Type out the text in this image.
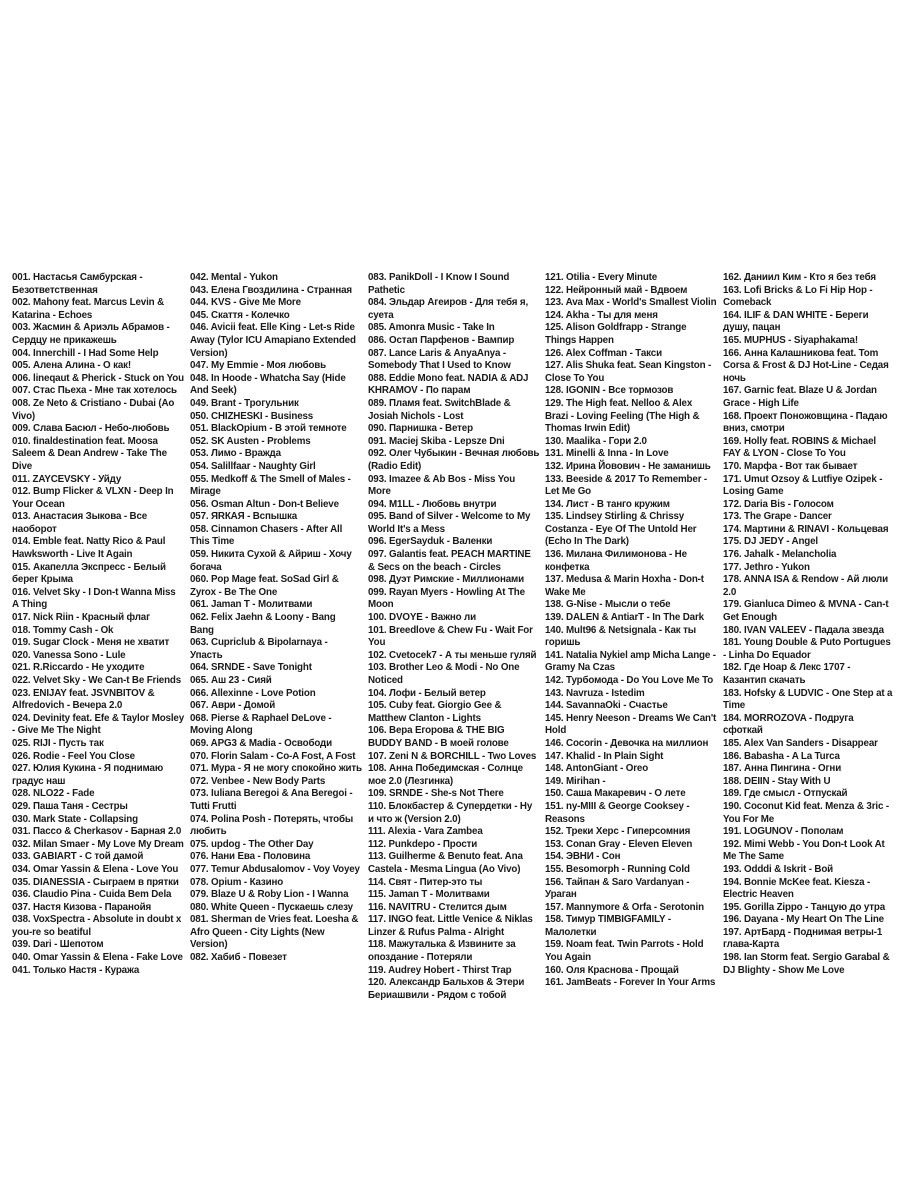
001. Настасья Самбурская - Безответственная
002. Mahony feat. Marcus Levin & Katarina - Echoes
003. Жасмин & Ариэль Абрамов - Сердцу не прикажешь
004. Innerchill - I Had Some Help
005. Алена Алина - О как!
006. lineqaut & Pherick - Stuck on You
007. Стас Пьеха - Мне так хотелось
008. Ze Neto & Cristiano - Dubai (Ao Vivo)
009. Слава Басюл - Небо-любовь
010. finaldestination feat. Moosa Saleem & Dean Andrew - Take The Dive
011. ZAYCEVSKY - Уйду
012. Bump Flicker & VLXN - Deep In Your Ocean
013. Анастасия Зыкова - Все наоборот
014. Emble feat. Natty Rico & Paul Hawksworth - Live It Again
015. Акапелла Экспресс - Белый берег Крыма
016. Velvet Sky - I Don-t Wanna Miss A Thing
017. Nick Riin - Красный флаг
018. Tommy Cash - Ok
019. Sugar Clock - Меня не хватит
020. Vanessa Sono - Lule
021. R.Riccardo - Не уходите
022. Velvet Sky - We Can-t Be Friends
023. ENIJAY feat. JSVNBITOV & Alfredovich - Вечера 2.0
024. Devinity feat. Efe & Taylor Mosley - Give Me The Night
025. RIJI - Пусть так
026. Rodie - Feel You Close
027. Юлия Кукина - Я поднимаю градус наш
028. NLO22 - Fade
029. Паша Таня - Сестры
030. Mark State - Collapsing
031. Пассо & Cherkasov - Барная 2.0
032. Milan Smaer - My Love My Dream
033. GABIART - С той дамой
034. Omar Yassin & Elena - Love You
035. DIANESSIA - Сыграем в прятки
036. Claudio Pina - Cuida Bem Dela
037. Настя Кизова - Паранойя
038. VoxSpectra - Absolute in doubt x you-re so beatiful
039. Dari - Шепотом
040. Omar Yassin & Elena - Fake Love
041. Только Настя - Куража
042. Mental - Yukon
043. Елена Гвоздилина - Странная
044. KVS - Give Me More
045. Скаття - Колечко
046. Avicii feat. Elle King - Let-s Ride Away (Tylor ICU Amapiano Extended Version)
047. My Emmie - Моя любовь
048. In Hoode - Whatcha Say (Hide And Seek)
049. Brant - Трогульник
050. CHIZHESKI - Business
051. BlackOpium - В этой темноте
052. SK Austen - Problems
053. Лимо - Вражда
054. Salillfaar - Naughty Girl
055. Medkoff & The Smell of Males - Mirage
056. Osman Altun - Don-t Believe
057. ЯRКАЯ - Вспышка
058. Cinnamon Chasers - After All This Time
059. Никита Сухой & Айриш - Хочу богача
060. Pop Mage feat. SoSad Girl & Zyrox - Be The One
061. Jaman T - Молитвами
062. Felix Jaehn & Loony - Bang Bang
063. Cupriclub & Bipolarnaya - Упасть
064. SRNDE - Save Tonight
065. Аш 23 - Сияй
066. Allexinne - Love Potion
067. Аври - Домой
068. Pierse & Raphael DeLove - Moving Along
069. APG3 & Madia - Освободи
070. Florin Salam - Co-A Fost, A Fost
071. Мура - Я не могу спокойно жить
072. Venbee - New Body Parts
073. Iuliana Beregoi & Ana Beregoi - Tutti Frutti
074. Polina Posh - Потерять, чтобы любить
075. updog - The Other Day
076. Нани Ева - Половина
077. Temur Abdusalomov - Voy Voyey
078. Opium - Казино
079. Blaze U & Roby Lion - I Wanna
080. White Queen - Пускаешь слезу
081. Sherman de Vries feat. Loesha & Afro Queen - City Lights (New Version)
082. Хабиб - Повезет
083. PanikDoll - I Know I Sound Pathetic
084. Эльдар Агеиров - Для тебя я, суета
085. Amonra Music - Take In
086. Остап Парфенов - Вампир
087. Lance Laris & AnyaAnya - Somebody That I Used to Know
088. Eddie Mono feat. NADIA & ADJ KHRAMOV - По парам
089. Пламя feat. SwitchBlade & Josiah Nichols - Lost
090. Парнишка - Ветер
091. Maciej Skiba - Lepsze Dni
092. Олег Чубыкин - Вечная любовь (Radio Edit)
093. Imazee & Ab Bos - Miss You More
094. M1LL - Любовь внутри
095. Band of Silver - Welcome to My World It's a Mess
096. EgerSayduk - Валенки
097. Galantis feat. PEACH MARTINE & Secs on the beach - Circles
098. Дуэт Римские - Миллионами
099. Rayan Myers - Howling At The Moon
100. DVOYE - Важно ли
101. Breedlove & Chew Fu - Wait For You
102. Cvetocek7 - А ты меньше гуляй
103. Brother Leo & Modi - No One Noticed
104. Лофи - Белый ветер
105. Cuby feat. Giorgio Gee & Matthew Clanton - Lights
106. Вера Егорова & THE BIG BUDDY BAND - В моей голове
107. Zeni N & BORCHILL - Two Loves
108. Анна Победимская - Солнце мое 2.0 (Лезгинка)
109. SRNDE - She-s Not There
110. Блокбастер & Супердетки - Ну и что ж (Version 2.0)
111. Alexia - Vara Zambea
112. Punkdepo - Прости
113. Guilherme & Benuto feat. Ana Castela - Mesma Lingua (Ao Vivo)
114. Свят - Питер-это ты
115. Jaman T - Молитвами
116. NAVITRU - Стелится дым
117. INGO feat. Little Venice & Niklas Linzer & Rufus Palma - Alright
118. Мажуталька & Извините за опоздание - Потеряли
119. Audrey Hobert - Thirst Trap
120. Александр Бальхов & Этери Бериашвили - Рядом с тобой
121. Otilia - Every Minute
122. Нейронный май - Вдвоем
123. Ava Max - World's Smallest Violin
124. Akha - Ты для меня
125. Alison Goldfrapp - Strange Things Happen
126. Alex Coffman - Такси
127. Alis Shuka feat. Sean Kingston - Close To You
128. IGONIN - Все тормозов
129. The High feat. Nelloo & Alex Brazi - Loving Feeling (The High & Thomas Irwin Edit)
130. Maalika - Гори 2.0
131. Minelli & Inna - In Love
132. Ирина Йовович - Не заманишь
133. Beeside & 2017 To Remember - Let Me Go
134. Лист - В танго кружим
135. Lindsey Stirling & Chrissy Costanza - Eye Of The Untold Her (Echo In The Dark)
136. Милана Филимонова - Не конфетка
137. Medusa & Marin Hoxha - Don-t Wake Me
138. G-Nise - Мысли о тебе
139. DALEN & AntiarT - In The Dark
140. Mult96 & Netsignala - Как ты горишь
141. Natalia Nykiel amp Micha Lange - Gramy Na Czas
142. Турбомода - Do You Love Me To
143. Navruza - Istedim
144. SavannaOki - Счастье
145. Henry Neeson - Dreams We Can't Hold
146. Cocorin - Девочка на миллион
147. Khalid - In Plain Sight
148. AntonGiant - Oreo
149. Mirihan -
150. Саша Макаревич - О лете
151. ny-MIII & George Cooksey - Reasons
152. Треки Херс - Гиперсомния
153. Conan Gray - Eleven Eleven
154. ЭВНИ - Сон
155. Besomorph - Running Cold
156. Тайпан & Saro Vardanyan - Ураган
157. Mannymore & Orfa - Serotonin
158. Тимур TIMBIGFAMILY - Малолетки
159. Noam feat. Twin Parrots - Hold You Again
160. Оля Краснова - Прощай
161. JamBeats - Forever In Your Arms
162. Даниил Ким - Кто я без тебя
163. Lofi Bricks & Lo Fi Hip Hop - Comeback
164. ILIF & DAN WHITE - Береги душу, пацан
165. MUPHUS - Siyaphakama!
166. Анна Калашникова feat. Tom Corsa & Frost & DJ Hot-Line - Седая ночь
167. Garnic feat. Blaze U & Jordan Grace - High Life
168. Проект Поножовщина - Падаю вниз, смотри
169. Holly feat. ROBINS & Michael FAY & LYON - Close To You
170. Марфа - Вот так бывает
171. Umut Ozsoy & Lutfiye Ozipek - Losing Game
172. Daria Bis - Голосом
173. The Grape - Dancer
174. Мартини & RINAVI - Кольцевая
175. DJ JEDY - Angel
176. Jahalk - Melancholia
177. Jethro - Yukon
178. ANNA ISA & Rendow - Ай люли 2.0
179. Gianluca Dimeo & MVNA - Can-t Get Enough
180. IVAN VALEEV - Падала звезда
181. Young Double & Puto Portugues - Linha Do Equador
182. Где Ноар & Лекс 1707 - Казантип скачать
183. Hofsky & LUDVIC - One Step at a Time
184. MORROZOVA - Подруга сфоткай
185. Alex Van Sanders - Disappear
186. Babasha - A La Turca
187. Анна Пингина - Огни
188. DEIIN - Stay With U
189. Где смысл - Отпускай
190. Coconut Kid feat. Menza & 3ric - You For Me
191. LOGUNOV - Пополам
192. Mimi Webb - You Don-t Look At Me The Same
193. Odddi & Iskrit - Вой
194. Bonnie McKee feat. Kiesza - Electric Heaven
195. Gorilla Zippo - Танцую до утра
196. Dayana - My Heart On The Line
197. АртБард - Поднимая ветры-1 глава-Карта
198. Ian Storm feat. Sergio Garabal & DJ Blighty - Show Me Love
